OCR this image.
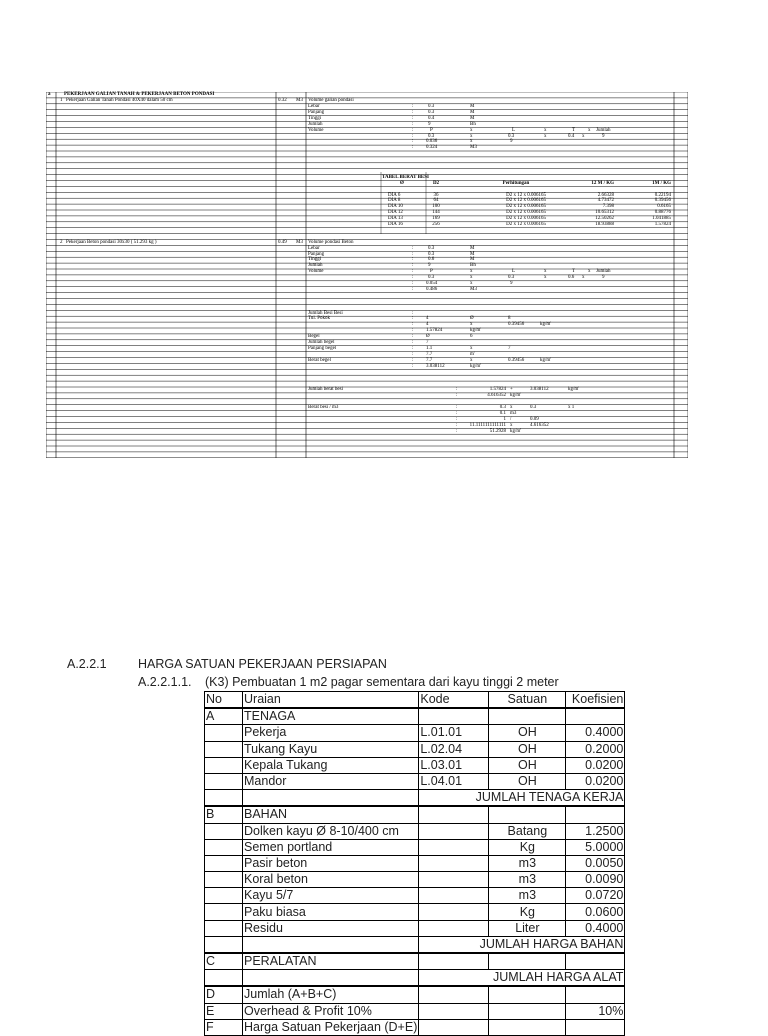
a	PEKERJAAN GALIAN TANAH & PEKERJAAN BETON PONDASI
1 Pekerjaan Galian Tanah Pondasi 40X40 dalam 50 cm	0.32 M3 Volume galian pondasi
Lebar	:	0.3	M
Panjang	:	0.3	M
Tinggi	:	0.4	M
Jumlah	:	9	Bh
Volume	:	P	x	L	x	T	x Jumlah
:	0.3	x	0.3	x	0.4 x	9
:	0.036	x	9
:	0.324	M3
TABEL BERAT BESI
Ø	D2	Perhitungan	12 M / KG	1M / KG
DIA 6	36	D2 x 12 x 0.006165	2.66328	0.22194
DIA 8	64	D2 x 12 x 0.006165	4.73472	0.39456
DIA 10	100	D2 x 12 x 0.006165	7.398	0.6165
DIA 12	144	D2 x 12 x 0.006165	10.65312	0.88776
DIA 13	169	D2 x 12 x 0.006165	12.50262	1.041885
DIA 16	256	D2 x 12 x 0.006165	18.93888	1.57824
2 Pekerjaan Beton pondasi 30x30 ( 51.293 kg )	0.49 M3 Volume pondasi Beton
Lebar	:	0.3	M
Panjang	:	0.3	M
Tinggi	:	0.6	M
Jumlah	:	9	Bh
Volume	:	P	x	L	x	T	x Jumlah
:	0.3	x	0.3	x	0.6 x	9
:	0.054	x	9
:	0.486	M3
Jumlah Besi Besi	:
Tul. Pokok	:	4	Ø	8
:	4	x	0.39456	kg/m'
:	1.57824	kg/m'
Begel	:	Ø	6
Jumlah begel	:	7
Panjang begel	:	1.1	x	7
:	7.7	m'
Berat begel	:	7.7	x	0.39456	kg/m'
:	3.038112	kg/m'
Jumlah berat besi	:	1.57824 +	3.038112	kg/m'
:	4.616352 kg/m'
Berat besi / m3	:	0.3 x	0.3	x 1
:	0.1 m3
:	1 /	0.09
:	11.1111111111111 x	4.616352
:	51.2928 kg/m'
A.2.2.1	HARGA SATUAN PEKERJAAN PERSIAPAN
A.2.2.1.1. (K3) Pembuatan 1 m2 pagar sementara dari kayu tinggi 2 meter
No	Uraian	Kode	Satuan	Koefisien
A	TENAGA			
	Pekerja	L.01.01	OH	0.4000
	Tukang Kayu	L.02.04	OH	0.2000
	Kepala Tukang	L.03.01	OH	0.0200
	Mandor	L.04.01	OH	0.0200
		JUMLAH TENAGA KERJA		
B	BAHAN			
	Dolken kayu Ø 8-10/400 cm		Batang	1.2500
	Semen portland		Kg	5.0000
	Pasir beton		m3	0.0050
	Koral beton		m3	0.0090
	Kayu 5/7		m3	0.0720
	Paku biasa		Kg	0.0600
	Residu		Liter	0.4000
		JUMLAH HARGA BAHAN		
C	PERALATAN			
		JUMLAH HARGA ALAT		
D	Jumlah (A+B+C)			
E	Overhead & Profit 10%			10%
F	Harga Satuan Pekerjaan (D+E)			
